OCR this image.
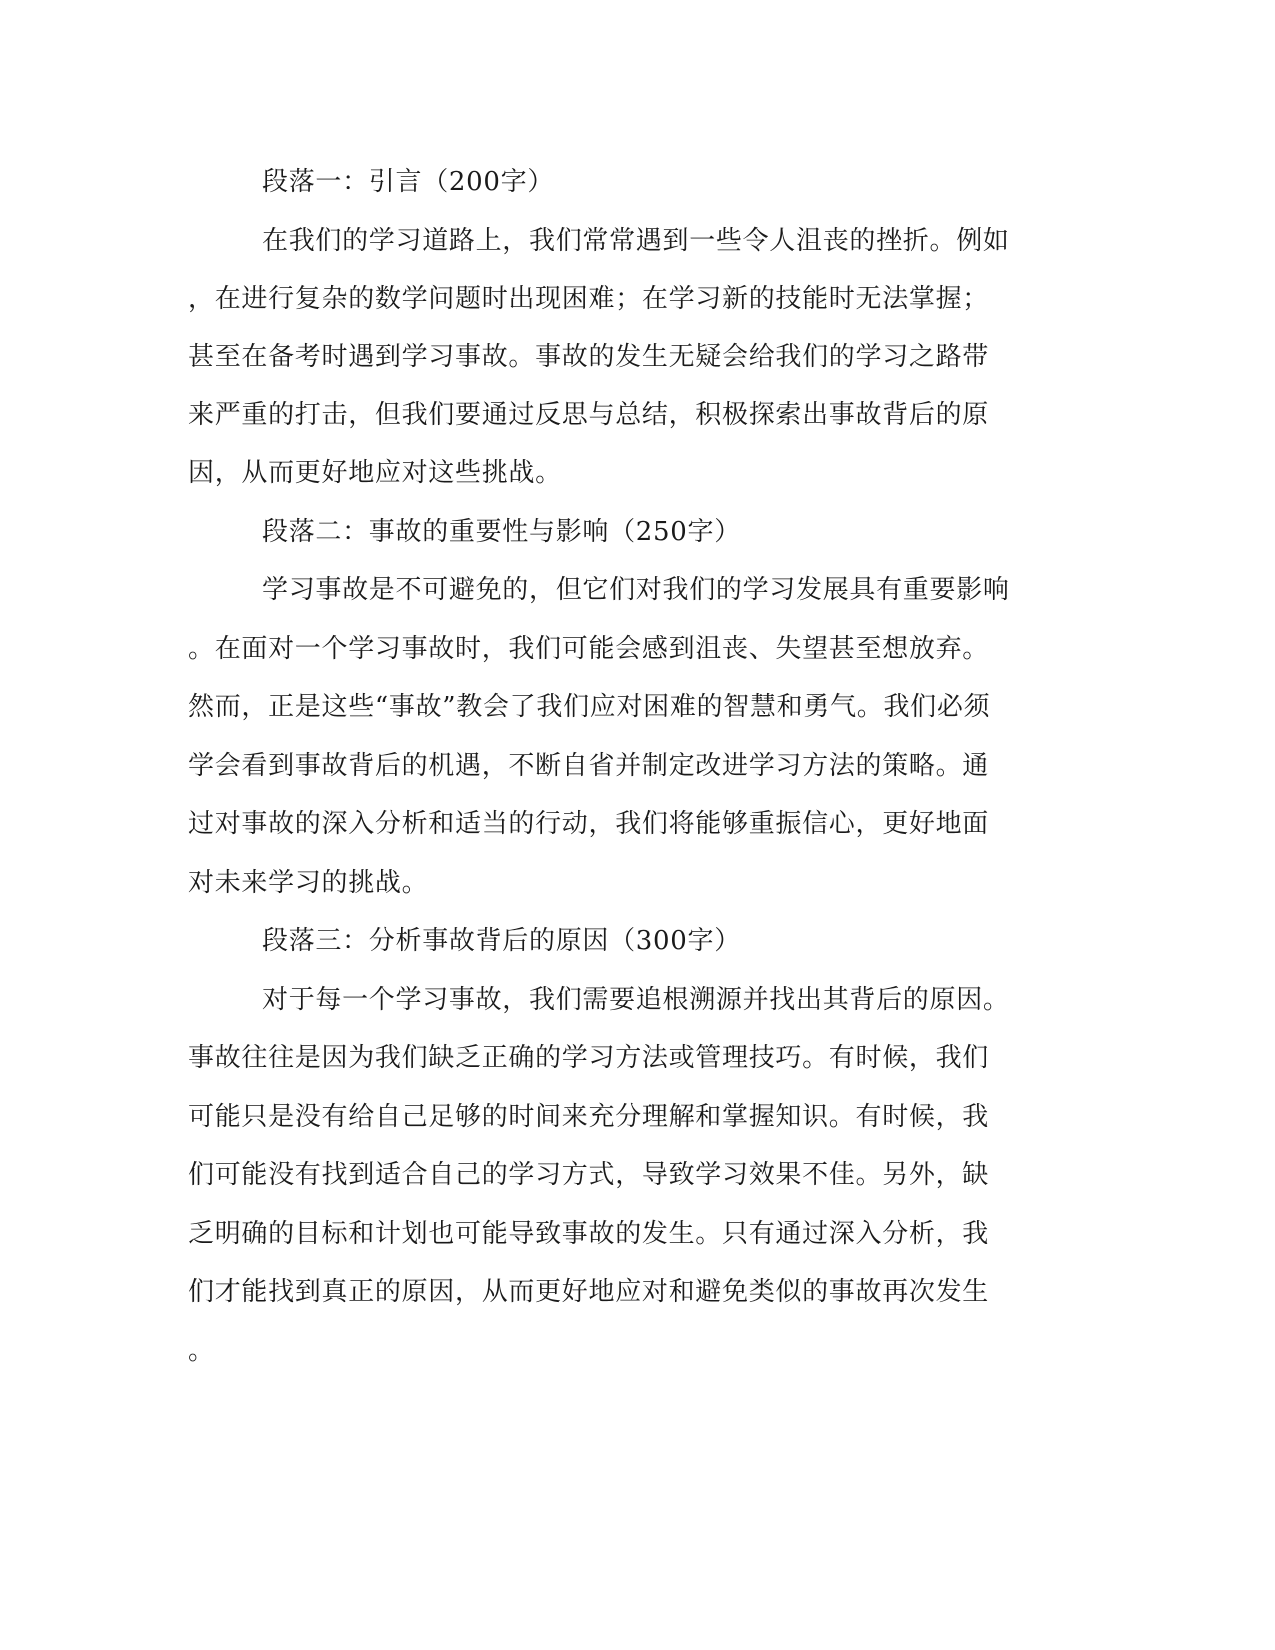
段落一：引言（200字）

在我们的学习道路上，我们常常遇到一些令人沮丧的挫折。例如

，在进行复杂的数学问题时出现困难；在学习新的技能时无法掌握；

甚至在备考时遇到学习事故。事故的发生无疑会给我们的学习之路带

来严重的打击，但我们要通过反思与总结，积极探索出事故背后的原

因，从而更好地应对这些挑战。

段落二：事故的重要性与影响（250字）

学习事故是不可避免的，但它们对我们的学习发展具有重要影响

。在面对一个学习事故时，我们可能会感到沮丧、失望甚至想放弃。

然而，正是这些“事故”教会了我们应对困难的智慧和勇气。我们必须

学会看到事故背后的机遇，不断自省并制定改进学习方法的策略。通

过对事故的深入分析和适当的行动，我们将能够重振信心，更好地面

对未来学习的挑战。

段落三：分析事故背后的原因（300字）

对于每一个学习事故，我们需要追根溯源并找出其背后的原因。

事故往往是因为我们缺乏正确的学习方法或管理技巧。有时候，我们

可能只是没有给自己足够的时间来充分理解和掌握知识。有时候，我

们可能没有找到适合自己的学习方式，导致学习效果不佳。另外，缺

乏明确的目标和计划也可能导致事故的发生。只有通过深入分析，我

们才能找到真正的原因，从而更好地应对和避免类似的事故再次发生

。
